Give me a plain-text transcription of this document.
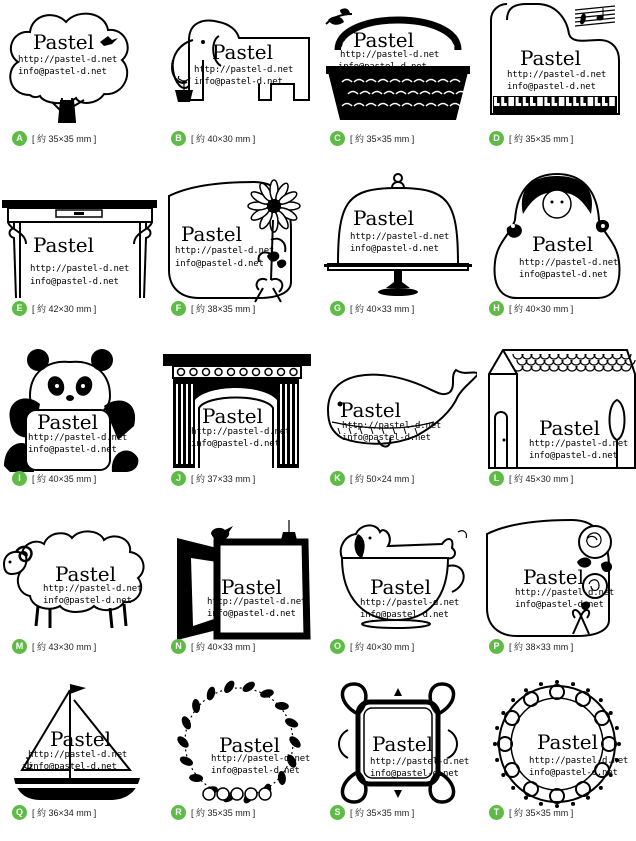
Pastel
http://pastel-d.net
info@pastel-d.net
A	[ 約 35×35 mm ]
Pastel
http://pastel-d.net
info@pastel-d.net
B	[ 約 40×30 mm ]
Pastel
http://pastel-d.net
info@pastel-d.net
C	[ 約 35×35 mm ]
Pastel
http://pastel-d.net
info@pastel-d.net
D	[ 約 35×35 mm ]
Pastel
http://pastel-d.net
info@pastel-d.net
E	[ 約 42×30 mm ]
Pastel
http://pastel-d.net
info@pastel-d.net
F	[ 約 38×35 mm ]
Pastel
http://pastel-d.net
info@pastel-d.net
G	[ 約 40×33 mm ]
Pastel
http://pastel-d.net
info@pastel-d.net
H	[ 約 40×30 mm ]
Pastel
http://pastel-d.net
info@pastel-d.net
I	[ 約 40×35 mm ]
Pastel
http://pastel-d.net
info@pastel-d.net
J	[ 約 37×33 mm ]
Pastel
http://pastel-d.net
info@pastel-d.net
K	[ 約 50×24 mm ]
Pastel
http://pastel-d.net
info@pastel-d.net
L	[ 約 45×30 mm ]
Pastel
http://pastel-d.net
info@pastel-d.net
M [ 約 43×30 mm ]
Pastel
http://pastel-d.net
info@pastel-d.net
N	[ 約 40×33 mm ]
Pastel
http://pastel-d.net
info@pastel-d.net
O	[ 約 40×30 mm ]
Pastel
http://pastel-d.net
info@pastel-d.net
P	[ 約 38×33 mm ]
Pastel
http://pastel-d.net
info@pastel-d.net
Q	[ 約 36×34 mm ]
Pastel
http://pastel-d.net
info@pastel-d.net
R	[ 約 35×35 mm ]
Pastel
http://pastel-d.net
info@pastel-d.net
S	[ 約 35×35 mm ]
Pastel
http://pastel-d.net
info@pastel-d.net
T	[ 約 35×35 mm ]
